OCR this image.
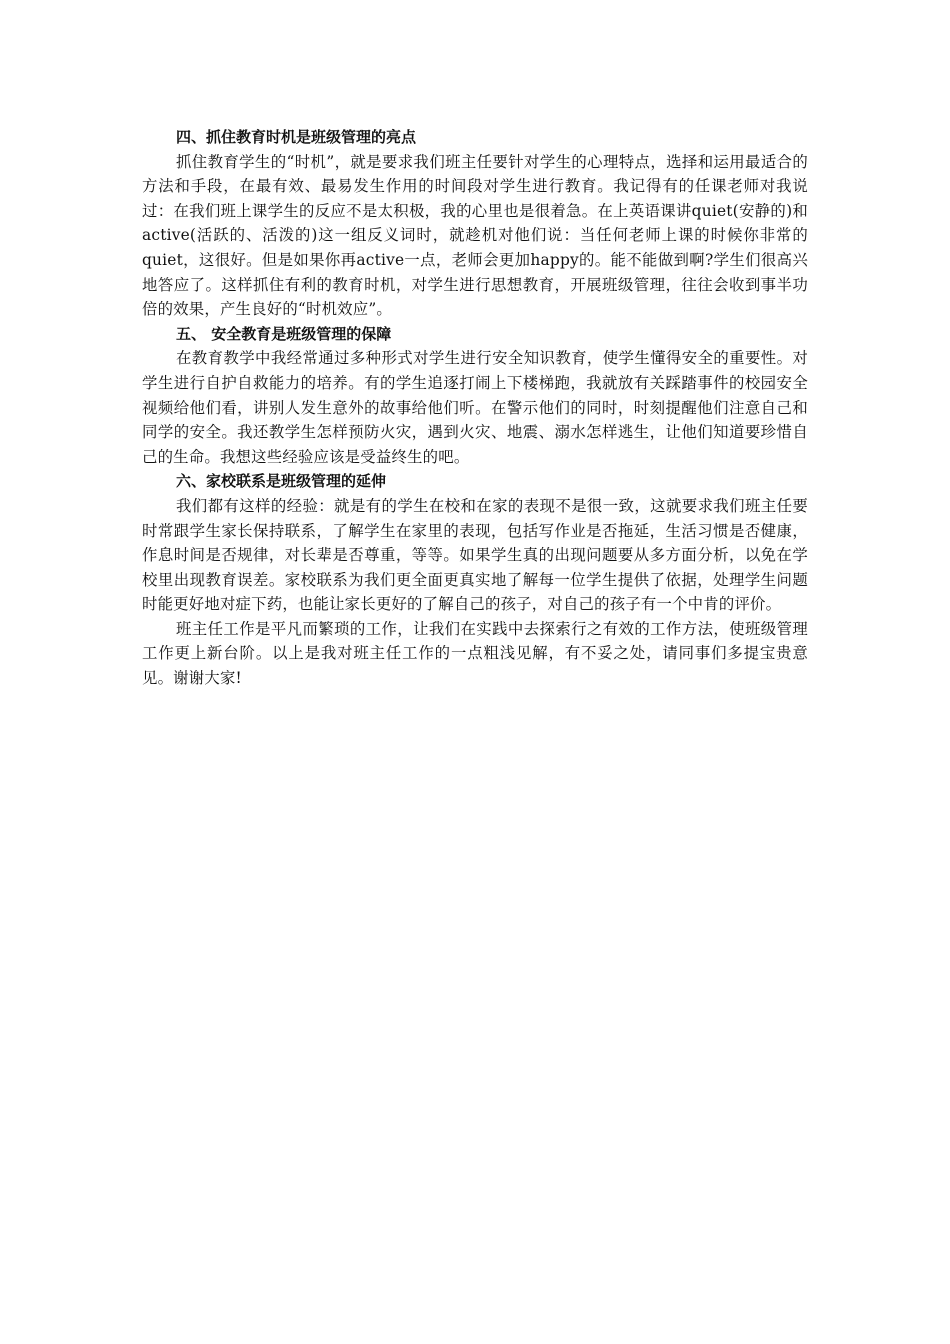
四、抓住教育时机是班级管理的亮点

抓住教育学生的“时机”，就是要求我们班主任要针对学生的心理特点，选择和运用最适合的方法和手段，在最有效、最易发生作用的时间段对学生进行教育。我记得有的任课老师对我说过：在我们班上课学生的反应不是太积极，我的心里也是很着急。在上英语课讲quiet(安静的)和active(活跃的、活泼的)这一组反义词时，就趁机对他们说：当任何老师上课的时候你非常的quiet，这很好。但是如果你再active一点，老师会更加happy的。能不能做到啊?学生们很高兴地答应了。这样抓住有利的教育时机，对学生进行思想教育，开展班级管理，往往会收到事半功倍的效果，产生良好的“时机效应”。

五、 安全教育是班级管理的保障

在教育教学中我经常通过多种形式对学生进行安全知识教育，使学生懂得安全的重要性。对学生进行自护自救能力的培养。有的学生追逐打闹上下楼梯跑，我就放有关踩踏事件的校园安全视频给他们看，讲别人发生意外的故事给他们听。在警示他们的同时，时刻提醒他们注意自己和同学的安全。我还教学生怎样预防火灾，遇到火灾、地震、溺水怎样逃生，让他们知道要珍惜自己的生命。我想这些经验应该是受益终生的吧。

六、家校联系是班级管理的延伸

我们都有这样的经验：就是有的学生在校和在家的表现不是很一致，这就要求我们班主任要时常跟学生家长保持联系，了解学生在家里的表现，包括写作业是否拖延，生活习惯是否健康，作息时间是否规律，对长辈是否尊重，等等。如果学生真的出现问题要从多方面分析，以免在学校里出现教育误差。家校联系为我们更全面更真实地了解每一位学生提供了依据，处理学生问题时能更好地对症下药，也能让家长更好的了解自己的孩子，对自己的孩子有一个中肯的评价。

班主任工作是平凡而繁琐的工作，让我们在实践中去探索行之有效的工作方法，使班级管理工作更上新台阶。以上是我对班主任工作的一点粗浅见解，有不妥之处，请同事们多提宝贵意见。谢谢大家!
